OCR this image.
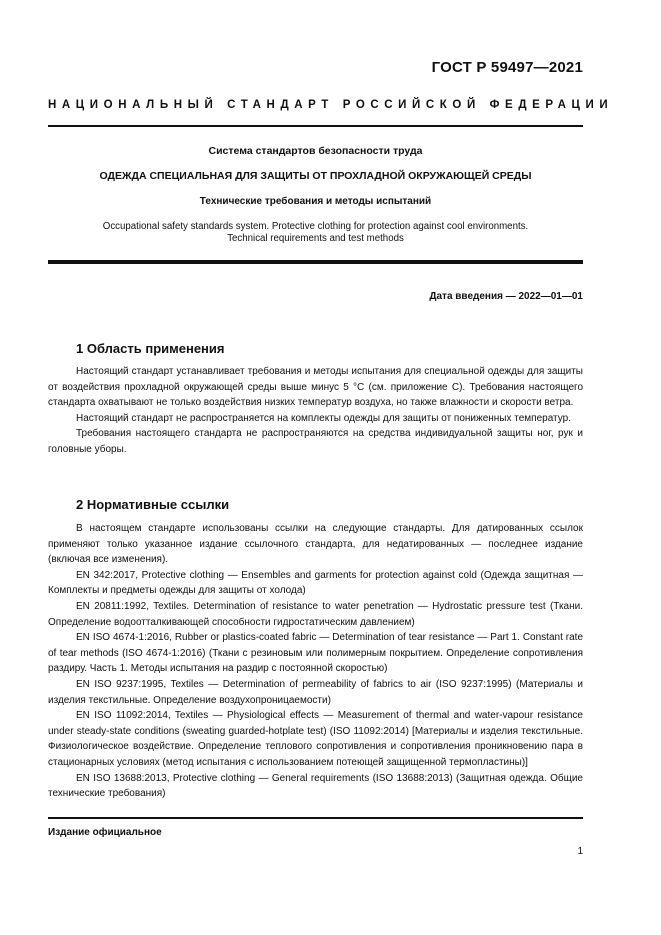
ГОСТ Р 59497—2021
НАЦИОНАЛЬНЫЙ СТАНДАРТ РОССИЙСКОЙ ФЕДЕРАЦИИ
Система стандартов безопасности труда
ОДЕЖДА СПЕЦИАЛЬНАЯ ДЛЯ ЗАЩИТЫ ОТ ПРОХЛАДНОЙ ОКРУЖАЮЩЕЙ СРЕДЫ
Технические требования и методы испытаний
Occupational safety standards system. Protective clothing for protection against cool environments.
Technical requirements and test methods
Дата введения — 2022—01—01
1 Область применения

Настоящий стандарт устанавливает требования и методы испытания для специальной одежды для защиты от воздействия прохладной окружающей среды выше минус 5 °С (см. приложение С). Требования настоящего стандарта охватывают не только воздействия низких температур воздуха, но также влажности и скорости ветра.

Настоящий стандарт не распространяется на комплекты одежды для защиты от пониженных температур.

Требования настоящего стандарта не распространяются на средства индивидуальной защиты ног, рук и головные уборы.

2 Нормативные ссылки

В настоящем стандарте использованы ссылки на следующие стандарты. Для датированных ссылок применяют только указанное издание ссылочного стандарта, для недатированных — последнее издание (включая все изменения).

EN 342:2017, Protective clothing — Ensembles and garments for protection against cold (Одежда защитная — Комплекты и предметы одежды для защиты от холода)

EN 20811:1992, Textiles. Determination of resistance to water penetration — Hydrostatic pressure test (Ткани. Определение водоотталкивающей способности гидростатическим давлением)

EN ISO 4674-1:2016, Rubber or plastics-coated fabric — Determination of tear resistance — Part 1. Constant rate of tear methods (ISO 4674-1:2016) (Ткани с резиновым или полимерным покрытием. Определение сопротивления раздиру. Часть 1. Методы испытания на раздир с постоянной скоростью)

EN ISO 9237:1995, Textiles — Determination of permeability of fabrics to air (ISO 9237:1995) (Материалы и изделия текстильные. Определение воздухопроницаемости)

EN ISO 11092:2014, Textiles — Physiological effects — Measurement of thermal and water-vapour resistance under steady-state conditions (sweating guarded-hotplate test) (ISO 11092:2014) [Материалы и изделия текстильные. Физиологическое воздействие. Определение теплового сопротивления и сопротивления проникновению пара в стационарных условиях (метод испытания с использованием потеющей защищенной термопластины)]

EN ISO 13688:2013, Protective clothing — General requirements (ISO 13688:2013) (Защитная одежда. Общие технические требования)

Издание официальное
1
